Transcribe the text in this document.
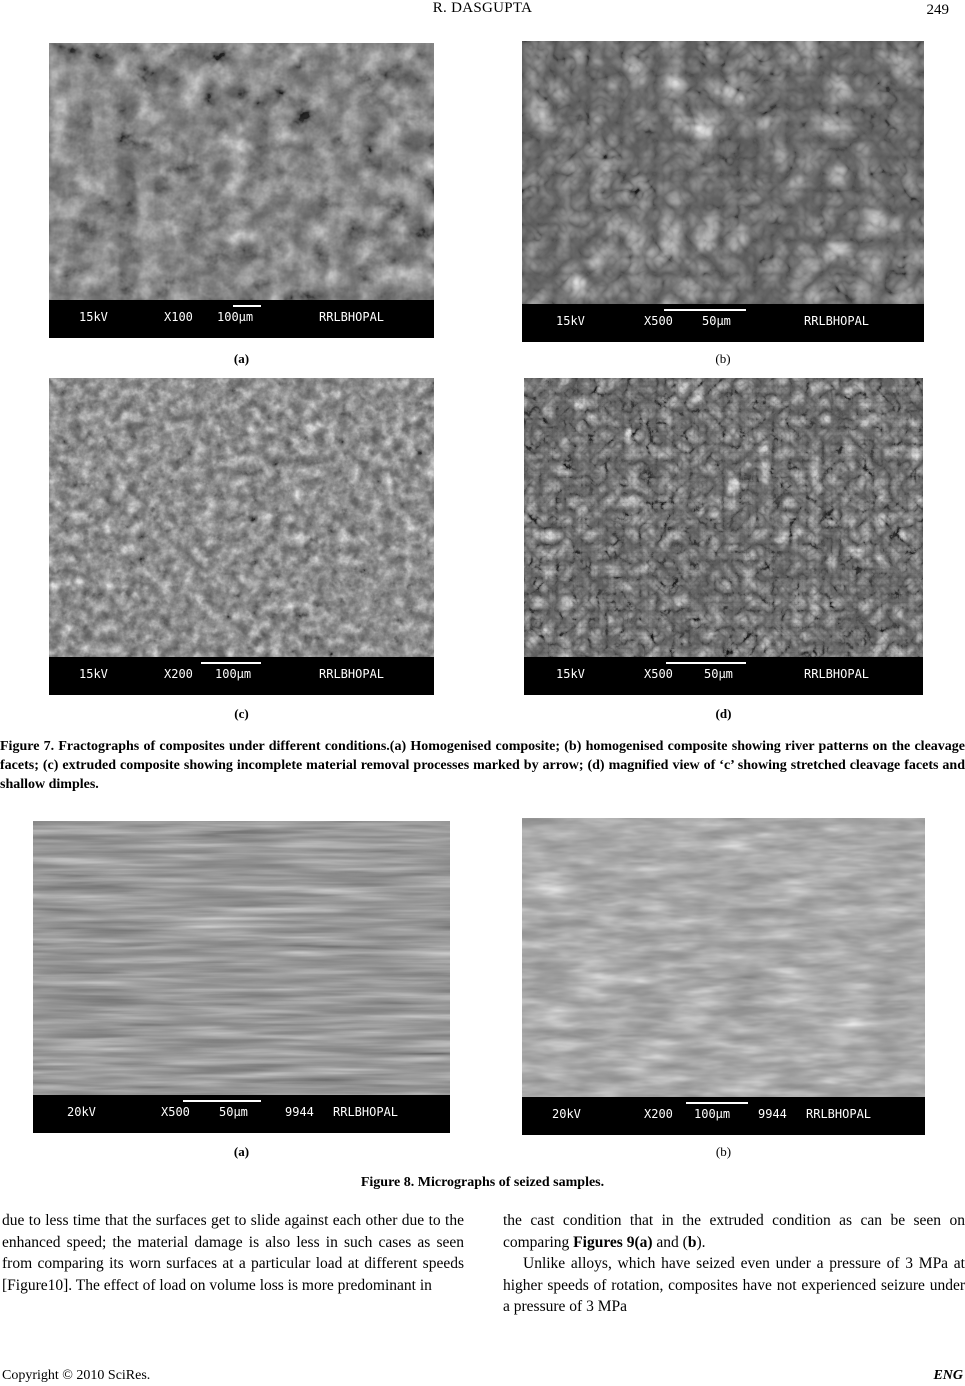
R. DASGUPTA	249
15kV	X100 100µm	RRLBHOPAL
(a)
15kV	X500 50µm	RRLBHOPAL
(b)
15kV	X200 100µm	RRLBHOPAL
(c)
15kV	X500	50µm	RRLBHOPAL
(d)
Figure 7. Fractographs of composites under different conditions.(a) Homogenised composite; (b) homogenised composite showing river patterns on the cleavage facets; (c) extruded composite showing incomplete material removal processes marked by arrow; (d) magnified view of ‘c’ showing stretched cleavage facets and shallow dimples.
20kV	X500 50µm	9944 RRLBHOPAL
(a)
20kV	X200 100µm 9944 RRLBHOPAL
(b)
Figure 8. Micrographs of seized samples.

due to less time that the surfaces get to slide against each other due to the enhanced speed; the material damage is also less in such cases as seen from comparing its worn surfaces at a particular load at different speeds [Figure10]. The effect of load on volume loss is more predominant in

the cast condition that in the extruded condition as can be seen on comparing Figures 9(a) and (b).

Unlike alloys, which have seized even under a pressure of 3 MPa at higher speeds of rotation, composites have not experienced seizure under a pressure of 3 MPa

Copyright © 2010 SciRes.	ENG
